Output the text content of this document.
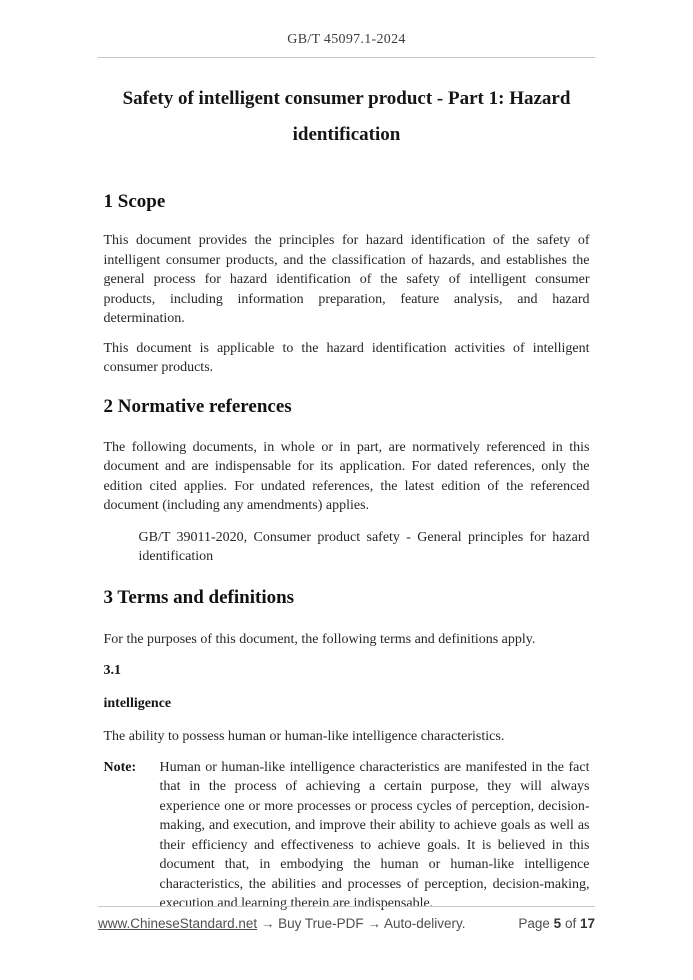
GB/T 45097.1-2024
Safety of intelligent consumer product - Part 1: Hazard
identification
1 Scope

This document provides the principles for hazard identification of the safety of intelligent consumer products, and the classification of hazards, and establishes the general process for hazard identification of the safety of intelligent consumer products, including information preparation, feature analysis, and hazard determination.

This document is applicable to the hazard identification activities of intelligent consumer products.

2 Normative references

The following documents, in whole or in part, are normatively referenced in this document and are indispensable for its application. For dated references, only the edition cited applies. For undated references, the latest edition of the referenced document (including any amendments) applies.

GB/T 39011-2020, Consumer product safety - General principles for hazard identification

3 Terms and definitions

For the purposes of this document, the following terms and definitions apply.

3.1

intelligence

The ability to possess human or human-like intelligence characteristics.

Note:	Human or human-like intelligence characteristics are manifested in the fact that in the process of achieving a certain purpose, they will always experience one or more processes or process cycles of perception, decision-making, and execution, and improve their ability to achieve goals as well as their efficiency and effectiveness to achieve goals. It is believed in this document that, in embodying the human or human-like intelligence characteristics, the abilities and processes of perception, decision-making, execution and learning therein are indispensable.
www.ChineseStandard.net → Buy True-PDF → Auto-delivery.	Page 5 of 17
